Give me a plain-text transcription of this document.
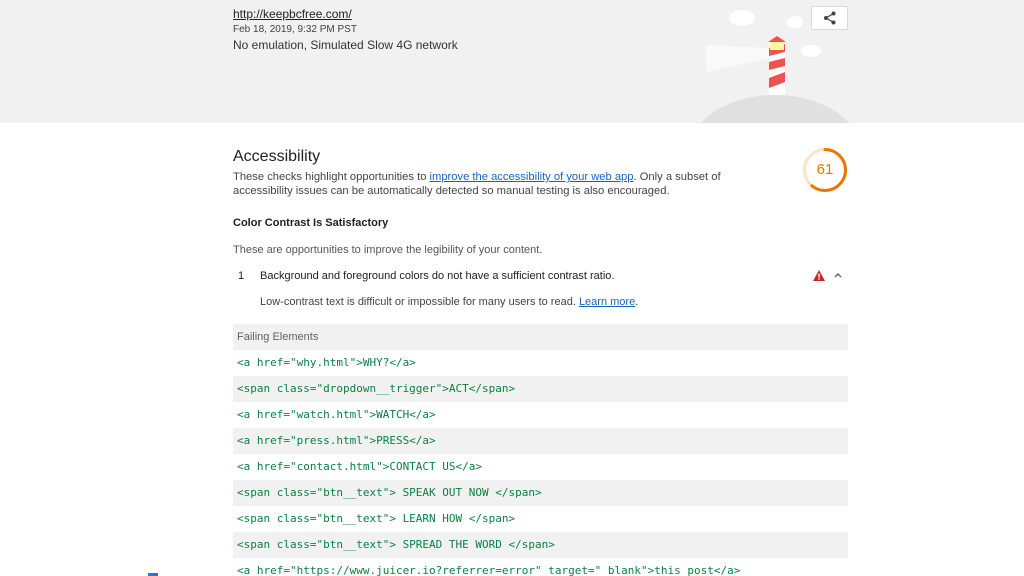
http://keepbcfree.com/
Feb 18, 2019, 9:32 PM PST
No emulation, Simulated Slow 4G network
Accessibility
These checks highlight opportunities to improve the accessibility of your web app. Only a subset of accessibility issues can be automatically detected so manual testing is also encouraged.
61
Color Contrast Is Satisfactory
These are opportunities to improve the legibility of your content.
1 Background and foreground colors do not have a sufficient contrast ratio.
Low-contrast text is difficult or impossible for many users to read. Learn more.
Failing Elements
<a href="why.html">WHY?</a>
<span class="dropdown__trigger">ACT</span>
<a href="watch.html">WATCH</a>
<a href="press.html">PRESS</a>
<a href="contact.html">CONTACT US</a>
<span class="btn__text"> SPEAK OUT NOW </span>
<span class="btn__text"> LEARN HOW </span>
<span class="btn__text"> SPREAD THE WORD </span>
<a href="https://www.juicer.io?referrer=error" target="_blank">this post</a>
